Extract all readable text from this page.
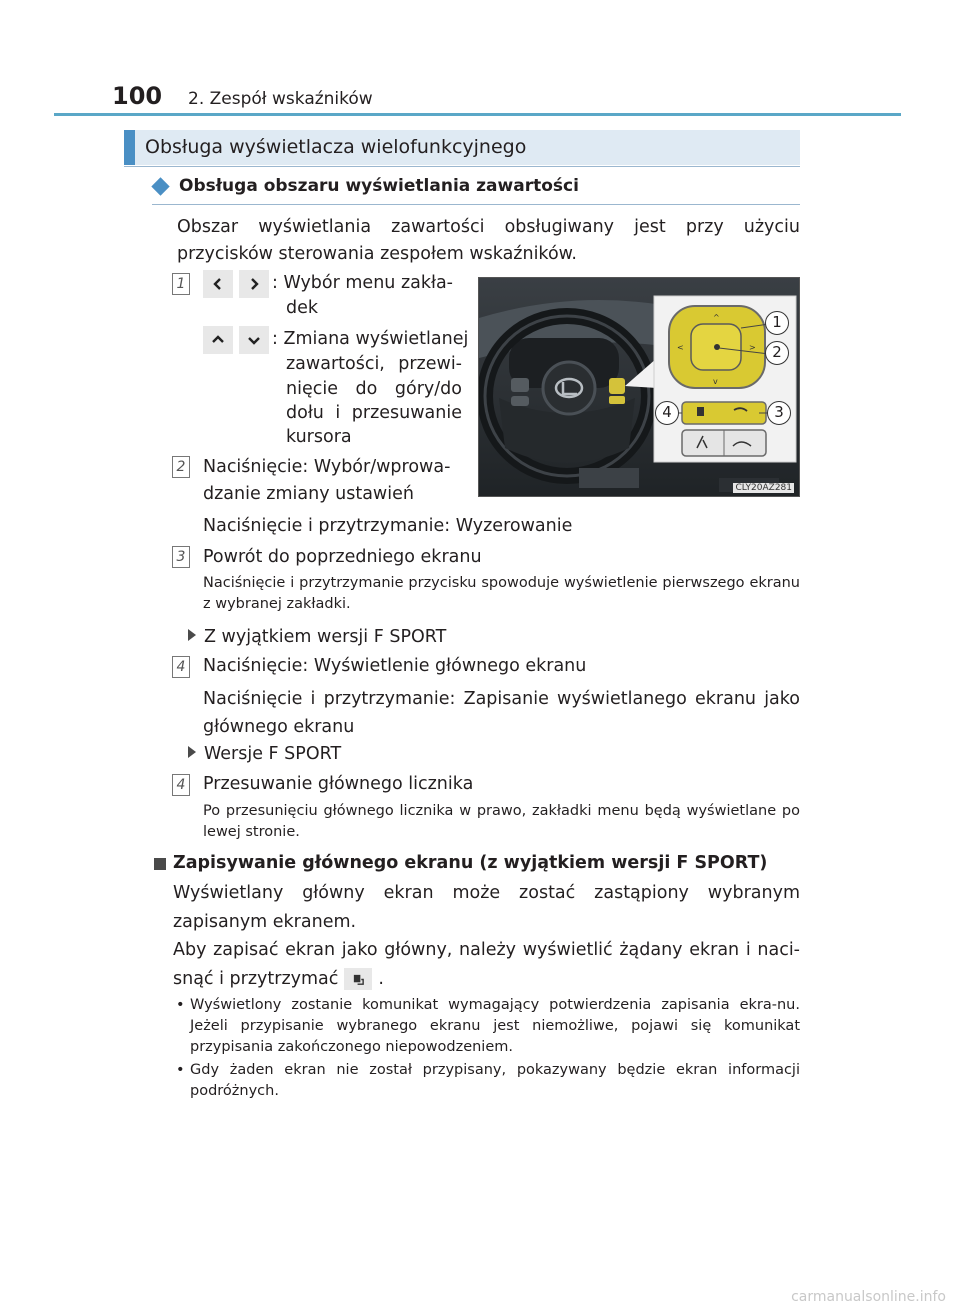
100	2. Zespół wskaźników
Obsługa wyświetlacza wielofunkcyjnego
Obsługa obszaru wyświetlania zawartości
Obszar wyświetlania zawartości obsługiwany jest przy użyciu przycisków sterowania zespołem wskaźników.
1	: Wybór menu zakła-
dek
: Zmiana wyświetlanej
zawartości, przewi-
nięcie do góry/do
dołu i przesuwanie
kursora
2 Naciśnięcie: Wybór/wprowa-
dzanie zmiany ustawień
Naciśnięcie i przytrzymanie: Wyzerowanie
^
v
<	>
1
2
3
4
CLY20AZ281
3 Powrót do poprzedniego ekranu
Naciśnięcie i przytrzymanie przycisku spowoduje wyświetlenie pierwszego ekranu z wybranej zakładki.
Z wyjątkiem wersji F SPORT
4 Naciśnięcie: Wyświetlenie głównego ekranu
Naciśnięcie i przytrzymanie: Zapisanie wyświetlanego ekranu jako głównego ekranu
Wersje F SPORT
4 Przesuwanie głównego licznika
Po przesunięciu głównego licznika w prawo, zakładki menu będą wyświetlane po lewej stronie.
Zapisywanie głównego ekranu (z wyjątkiem wersji F SPORT)
Wyświetlany główny ekran może zostać zastąpiony wybranym zapisanym ekranem.
Aby zapisać ekran jako główny, należy wyświetlić żądany ekran i naci-snąć i przytrzymać .
• Wyświetlony zostanie komunikat wymagający potwierdzenia zapisania ekra-nu. Jeżeli przypisanie wybranego ekranu jest niemożliwe, pojawi się komunikat przypisania zakończonego niepowodzeniem.
• Gdy żaden ekran nie został przypisany, pokazywany będzie ekran informacji podróżnych.
carmanualsonline.info
